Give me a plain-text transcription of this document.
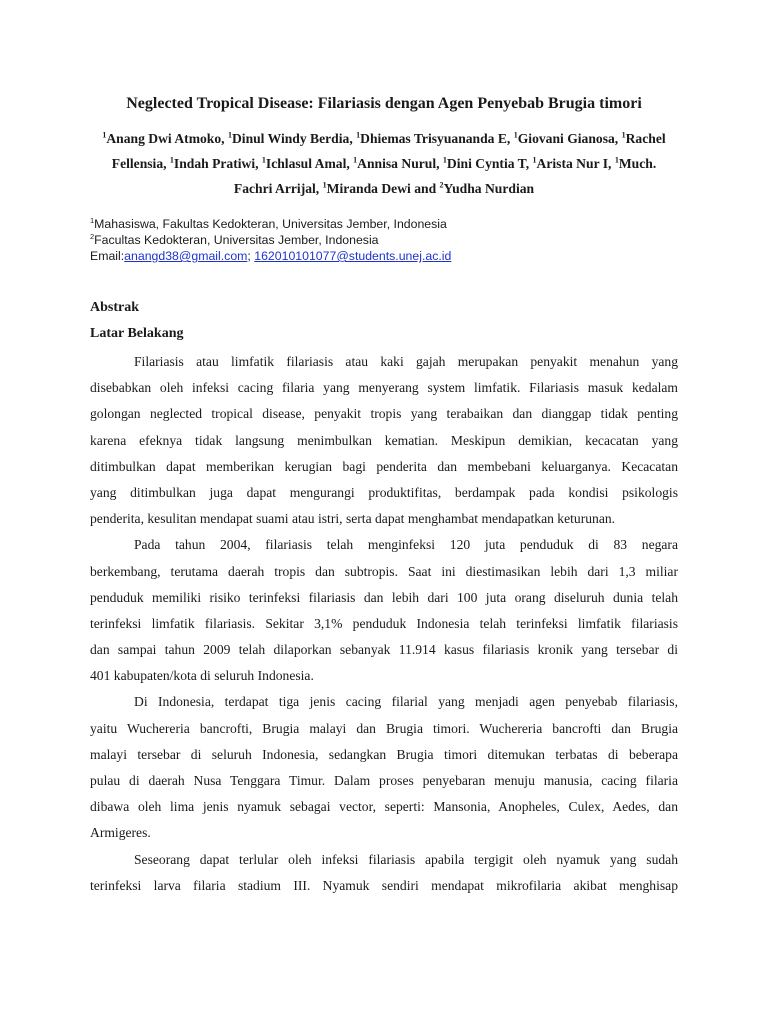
Neglected Tropical Disease: Filariasis dengan Agen Penyebab Brugia timori
$^1$Anang Dwi Atmoko, $^1$Dinul Windy Berdia, $^1$Dhiemas Trisyuananda E, $^1$Giovani Gianosa, $^1$Rachel
Fellensia, $^1$Indah Pratiwi, $^1$Ichlasul Amal, $^1$Annisa Nurul, $^1$Dini Cyntia T, $^1$Arista Nur I, $^1$Much.
Fachri Arrijal, $^1$Miranda Dewi and $^2$Yudha Nurdian
$^1$Mahasiswa, Fakultas Kedokteran, Universitas Jember, Indonesia
$^2$Facultas Kedokteran, Universitas Jember, Indonesia
Email:anangd38@gmail.com; 162010101077@students.unej.ac.id
Abstrak
Latar Belakang
Filariasis atau limfatik filariasis atau kaki gajah merupakan penyakit menahun yang
disebabkan oleh infeksi cacing filaria yang menyerang system limfatik. Filariasis masuk kedalam
golongan neglected tropical disease, penyakit tropis yang terabaikan dan dianggap tidak penting
karena efeknya tidak langsung menimbulkan kematian. Meskipun demikian, kecacatan yang
ditimbulkan dapat memberikan kerugian bagi penderita dan membebani keluarganya. Kecacatan
yang ditimbulkan juga dapat mengurangi produktifitas, berdampak pada kondisi psikologis
penderita, kesulitan mendapat suami atau istri, serta dapat menghambat mendapatkan keturunan.
Pada tahun 2004, filariasis telah menginfeksi 120 juta penduduk di 83 negara
berkembang, terutama daerah tropis dan subtropis. Saat ini diestimasikan lebih dari 1,3 miliar
penduduk memiliki risiko terinfeksi filariasis dan lebih dari 100 juta orang diseluruh dunia telah
terinfeksi limfatik filariasis. Sekitar 3,1% penduduk Indonesia telah terinfeksi limfatik filariasis
dan sampai tahun 2009 telah dilaporkan sebanyak 11.914 kasus filariasis kronik yang tersebar di
401 kabupaten/kota di seluruh Indonesia.
Di Indonesia, terdapat tiga jenis cacing filarial yang menjadi agen penyebab filariasis,
yaitu Wuchereria bancrofti, Brugia malayi dan Brugia timori. Wuchereria bancrofti dan Brugia
malayi tersebar di seluruh Indonesia, sedangkan Brugia timori ditemukan terbatas di beberapa
pulau di daerah Nusa Tenggara Timur. Dalam proses penyebaran menuju manusia, cacing filaria
dibawa oleh lima jenis nyamuk sebagai vector, seperti: Mansonia, Anopheles, Culex, Aedes, dan
Armigeres.
Seseorang dapat terlular oleh infeksi filariasis apabila tergigit oleh nyamuk yang sudah
terinfeksi larva filaria stadium III. Nyamuk sendiri mendapat mikrofilaria akibat menghisap
